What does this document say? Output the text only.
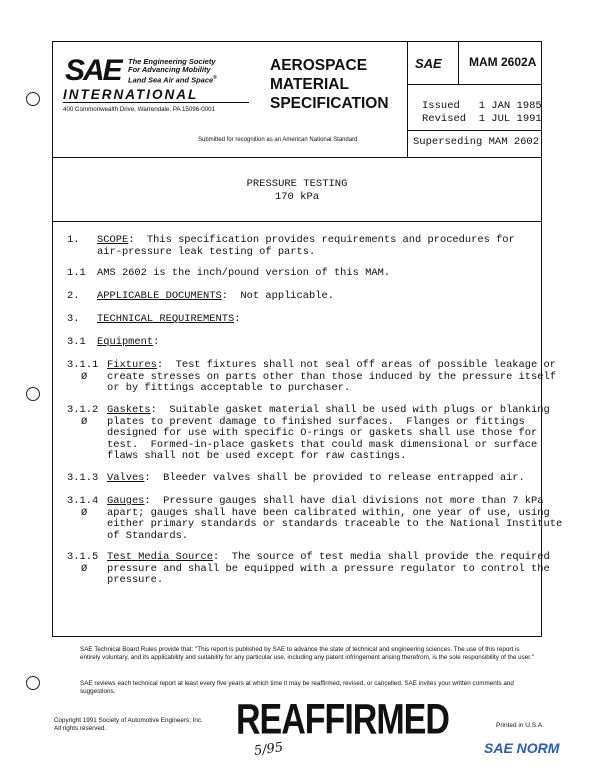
SAE The Engineering Society
For Advancing Mobility
Land Sea Air and Space®
INTERNATIONAL
400 Commonwealth Drive, Warrendale, PA 15096-0001
AEROSPACE
MATERIAL
SPECIFICATION
Submitted for recognition as an American National Standard
SAE MAM 2602A
Issued   1 JAN 1985
Revised  1 JUL 1991
Superseding MAM 2602
PRESSURE TESTING
170 kPa
1. SCOPE:  This specification provides requirements and procedures for
air-pressure leak testing of parts.
1.1 AMS 2602 is the inch/pound version of this MAM.
2. APPLICABLE DOCUMENTS:  Not applicable.
3. TECHNICAL REQUIREMENTS:
3.1 Equipment:
3.1.1
Ø
Fixtures:  Test fixtures shall not seal off areas of possible leakage or
create stresses on parts other than those induced by the pressure itself
or by fittings acceptable to purchaser.
3.1.2
Ø
Gaskets:  Suitable gasket material shall be used with plugs or blanking
plates to prevent damage to finished surfaces.  Flanges or fittings
designed for use with specific O-rings or gaskets shall use those for
test.  Formed-in-place gaskets that could mask dimensional or surface
flaws shall not be used except for raw castings.
3.1.3 Valves:  Bleeder valves shall be provided to release entrapped air.
3.1.4
Ø
Gauges:  Pressure gauges shall have dial divisions not more than 7 kPa
apart; gauges shall have been calibrated within, one year of use, using
either primary standards or standards traceable to the National Institute
of Standards.
3.1.5
Ø
Test Media Source:  The source of test media shall provide the required
pressure and shall be equipped with a pressure regulator to control the
pressure.
SAE Technical Board Rules provide that: "This report is published by SAE to advance the state of technical and engineering sciences. The use of this report is entirely voluntary, and its applicability and suitability for any particular use, including any patent infringement arising therefrom, is the sole responsibility of the user."
SAE reviews each technical report at least every five years at which time it may be reaffirmed, revised, or cancelled. SAE invites your written comments and suggestions.
Copyright 1991 Society of Automotive Engineers, Inc.
All rights reserved.	REAFFIRMED
5/95
Printed in U.S.A.
SAE NORM
